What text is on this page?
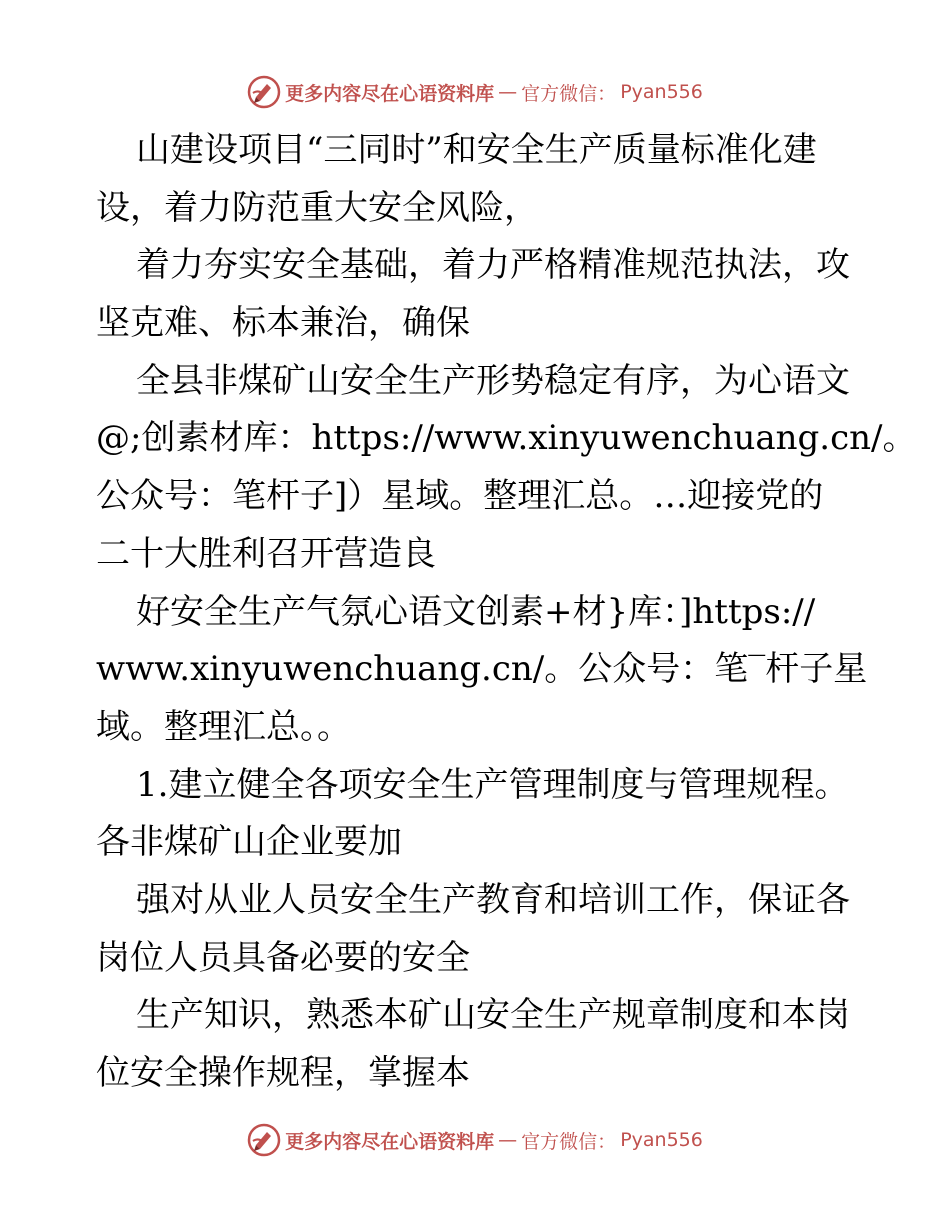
更多内容尽在心语资料库 — 官方微信： Pyan556
山建设项目“三同时”和安全生产质量标准化建
设，着力防范重大安全风险，
着力夯实安全基础，着力严格精准规范执法，攻
坚克难、标本兼治，确保
全县非煤矿山安全生产形势稳定有序，为心语文
@;创素材库：https://www.xinyuwenchuang.cn/。
公众号：笔杆子]）星域。整理汇总。…迎接党的
二十大胜利召开营造良
好安全生产气氛心语文创素+材}库：]https://
www.xinyuwenchuang.cn/。公众号：笔‾杆子星
域。整理汇总。。
1.建立健全各项安全生产管理制度与管理规程。
各非煤矿山企业要加
强对从业人员安全生产教育和培训工作，保证各
岗位人员具备必要的安全
生产知识，熟悉本矿山安全生产规章制度和本岗
位安全操作规程，掌握本
更多内容尽在心语资料库 — 官方微信： Pyan556
